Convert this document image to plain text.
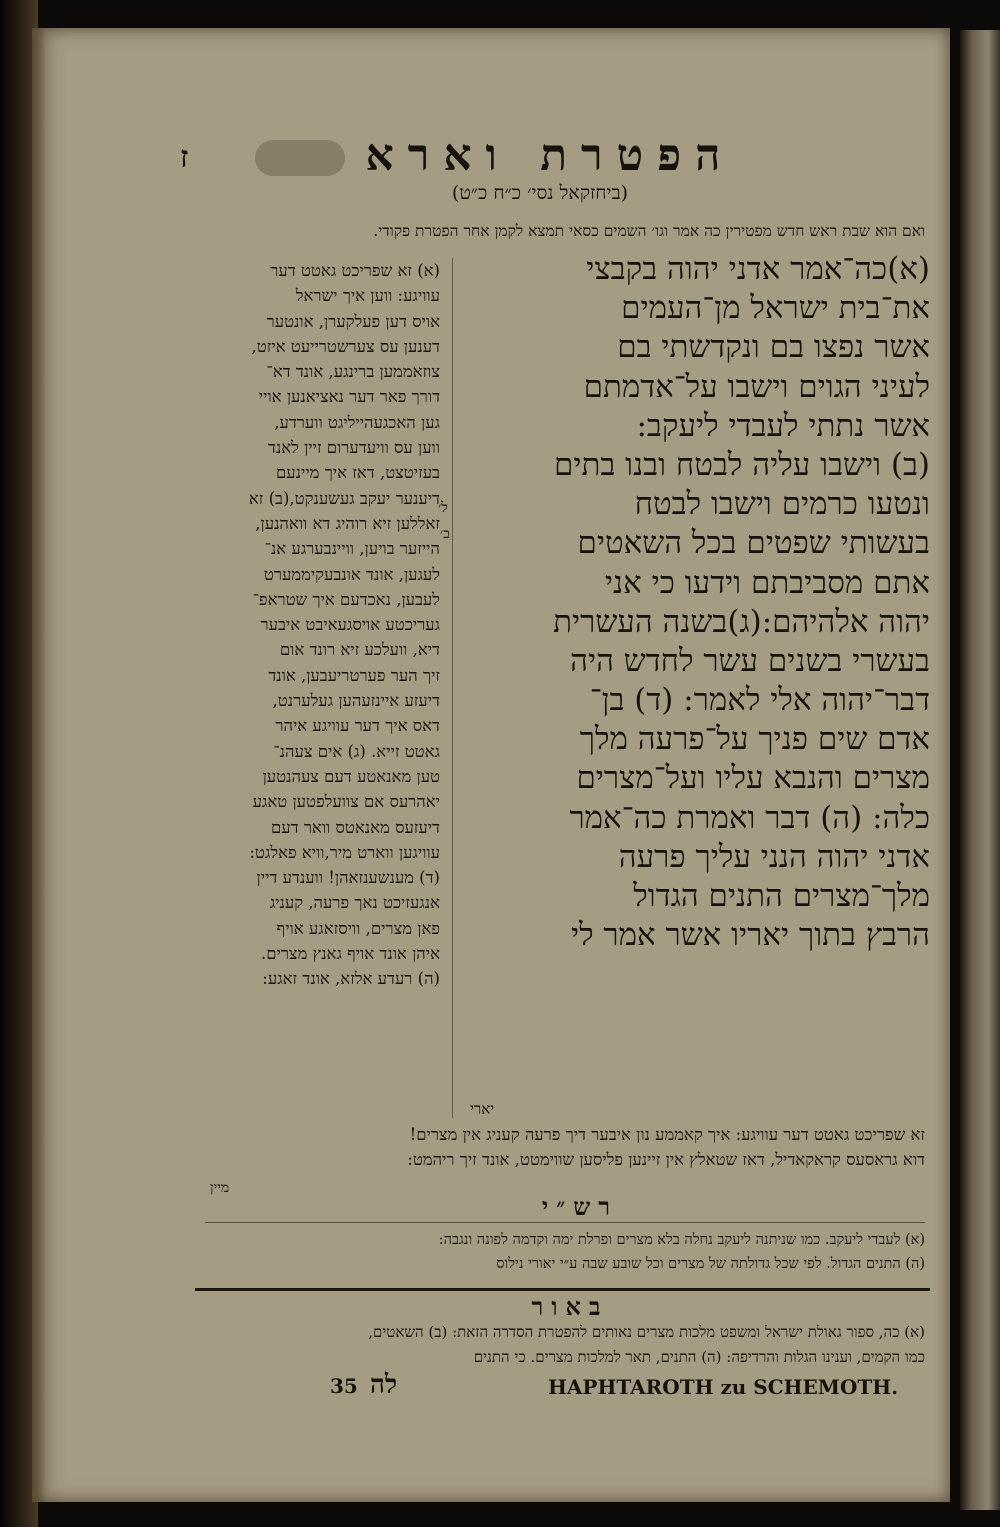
ז	הפטרת וארא
(ביחזקאל נסי׳ כ״ח כ״ט)
ואם הוא שבת ראש חדש מפטירין כה אמר וגו׳ השמים כסאי תמצא לקמן אחר הפטרת פקודי.
(א)כה־אמר אדני יהוה בקבצי
את־בית ישראל מן־העמים
אשר נפצו בם ונקדשתי בם
לעיני הגוים וישבו על־אדמתם
אשר נתתי לעבדי ליעקב:
(ב) וישבו עליה לבטח ובנו בתים
ונטעו כרמים וישבו לבטח
בעשותי שפטים בכל השאטים
אתם מסביבתם וידעו כי אני
יהוה אלהיהם:(ג)בשנה העשרית
בעשרי בשנים עשר לחדש היה
דבר־יהוה אלי לאמר: (ד) בן־
אדם שים פניך על־פרעה מלך
מצרים והנבא עליו ועל־מצרים
כלה: (ה) דבר ואמרת כה־אמר
אדני יהוה הנני עליך פרעה
מלך־מצרים התנים הגדול
הרבץ בתוך יאריו אשר אמר לי
יארי
ל׳
ב׳
(א) זא שפריכט גאטט דער
עוויגע: ווען איך ישראל
אויס דען פעלקערן, אונטער
דענען עס צערשטרייעט איזט,
צוזאממען ברינגע, אונד דא־
דורך פאר דער נאציאנען אויי
גען האכגעהייליגט ווערדע,
ווען עס וויעדערום זיין לאנד
בעזיטצט, דאז איך מיינעם
דיענער יעקב געשענקט,(ב) זא
זאללען זיא רוהיג דא וואהנען,
הייזער בויען, וויינבערגע אנ־
לעגען, אונד אונבעקיממערט
לעבען, נאכדעם איך שטראפ־
געריכטע אויסגעאיבט איבער
דיא, וועלכע זיא רונד אום
זיך הער פערטריעבען, אונד
דיעזע איינזעהען געלערנט,
דאס איך דער עוויגע איהר
גאטט זייא. (ג) אים צעהנ־
טען מאנאטע דעם צעהנטען
יאהרעס אם צוועלפטען טאגע
דיעזעס מאנאטס וואר דעם
עוויגען ווארט מיר,וויא פאלגט:
(ד) מענשענזאהן! ווענדע דיין
אנגעזיכט נאך פרעה, קעניג
פאן מצרים, וויסזאגע אויף
איהן אונד אויף גאנץ מצרים.
(ה) רעדע אלזא, אונד זאגע:
זא שפריכט גאטט דער עוויגע: איך קאממע נון איבער דיך פרעה קעניג אין מצרים!
דוא גראסעס קראקאדיל, דאז שטאלץ אין זיינען פליסען שווימטט, אונד זיך ריהמט:
מיין
רש״י
(א) לעבדי ליעקב. כמו שניתנה ליעקב נחלה בלא מצרים ופרלת ימה וקדמה לפונה ונגבה:
(ה) התנים הגדול. לפי שכל גדולתה של מצרים וכל שובע שבה ע״י יאורי נילוס
באור
(א) כה, ספור גאולת ישראל ומשפט מלכות מצרים נאותים להפטרת הסדרה הזאת: (ב) השאטים,
כמו הקמים, וענינו הגלות והרדיפה: (ה) התנים, תאר למלכות מצרים. כי התנים
35 לה	HAPHTAROTH zu SCHEMOTH.
